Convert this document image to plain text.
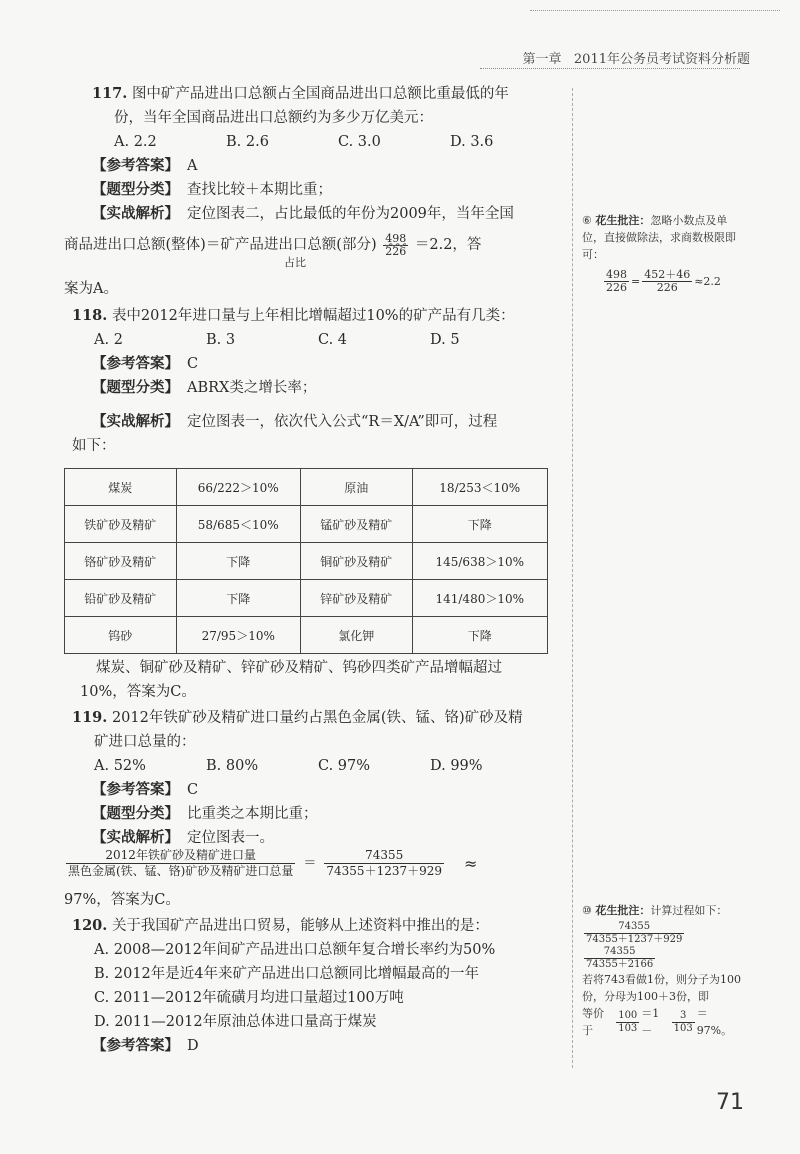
第一章 2011年公务员考试资料分析题
117. 图中矿产品进出口总额占全国商品进出口总额比重最低的年
份，当年全国商品进出口总额约为多少万亿美元：
A. 2.2	B. 2.6	C. 3.0	D. 3.6
【参考答案】 A
【题型分类】 查找比较＋本期比重；
【实战解析】 定位图表二，占比最低的年份为2009年，当年全国
商品进出口总额(整体)＝矿产品进出口总额(部分) $\frac{498}{226} =2.2$，答
占比
案为A。
118. 表中2012年进口量与上年相比增幅超过10%的矿产品有几类：
A. 2	B. 3	C. 4	D. 5
【参考答案】 C
【题型分类】 ABRX类之增长率；
【实战解析】 定位图表一，依次代入公式“R＝X/A”即可，过程
如下：
煤炭	66/222＞10%	原油	18/253＜10%
铁矿砂及精矿	58/685＜10%	锰矿砂及精矿	下降
铬矿砂及精矿	下降	铜矿砂及精矿	145/638＞10%
铅矿砂及精矿	下降	锌矿砂及精矿	141/480＞10%
钨砂	27/95＞10%	氯化钾	下降
煤炭、铜矿砂及精矿、锌矿砂及精矿、钨砂四类矿产品增幅超过
10%，答案为C。
119. 2012年铁矿砂及精矿进口量约占黑色金属(铁、锰、铬)矿砂及精
矿进口总量的：
A. 52%	B. 80%	C. 97%	D. 99%
【参考答案】 C
【题型分类】 比重类之本期比重；
【实战解析】 定位图表一。
$\frac{\text{2012年铁矿砂及精矿进口量}}{\text{黑色金属(铁、锰、铬)矿砂及精矿进口总量}} = \frac{74355}{74355+1237+929}$ ≈
97%，答案为C。
120. 关于我国矿产品进出口贸易，能够从上述资料中推出的是：
A. 2008—2012年间矿产品进出口总额年复合增长率约为50%
B. 2012年是近4年来矿产品进出口总额同比增幅最高的一年
C. 2011—2012年硫磺月均进口量超过100万吨
D. 2011—2012年原油总体进口量高于煤炭
【参考答案】 D
⑥ 花生批注：忽略小数点及单位，直接做除法，求商数极限即可：
$\frac{498}{226} = \frac{452+46}{226} \approx 2.2$
⑩ 花生批注：计算过程如下：
$\frac{74355}{74355+1237+929}$
$\frac{74355}{74355+2166}$
若将743看做1份，则分子为100份，分母为100＋3份，即
等价于	$\frac{100}{103} =1-$	$\frac{3}{103} =97\%$。
71
